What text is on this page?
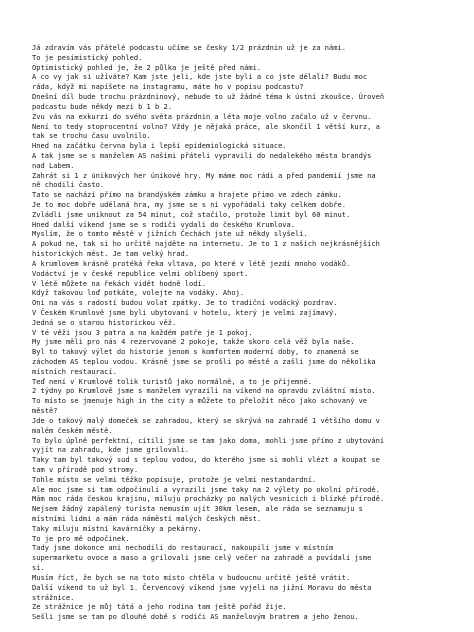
Já zdravím vás přátelé podcastu učíme se česky 1/2 prázdnin už je za námi.
To je pesimistický pohled.
Optimistický pohled je, že 2 půlka je ještě před námi.
A co vy jak si užíváte? Kam jste jeli, kde jste byli a co jste dělali? Budu moc
ráda, když mi napíšete na instagramu, máte ho v popisu podcastu?
Dnešní díl bude trochu prázdninový, nebude to už žádné téma k ústní zkoušce. Úroveň
podcastu bude někdy mezi b 1 b 2.
Zvu vás na exkurzi do svého světa prázdnin a léta moje volno začalo už v červnu.
Není to tedy stoprocentní volno? Vždy je nějaká práce, ale skončil 1 větší kurz, a
tak se trochu času uvolnilo.
Hned na začátku června byla i lepší epidemiologická situace.
A tak jsme se s manželem AS našimi přáteli vypravili do nedalekého města brandýs
nad Labem.
Zahrát si 1 z únikových her únikové hry. My máme moc rádi a před pandemií jsme na
ně chodili často.
Tato se nachází přímo na brandýském zámku a hrajete přímo ve zdech zámku.
Je to moc dobře udělaná hra, my jsme se s ní vypořádali taky celkem dobře.
Zvládli jsme uniknout za 54 minut, což stačilo, protože limit byl 60 minut.
Hned další víkend jsme se s rodiči vydali do českého Krumlova.
Myslím, že o tomto městě v jižních Čechách jste už někdy slyšeli.
A pokud ne, tak si ho určitě najděte na internetu. Je to 1 z našich nejkrásnějších
historických měst. Je tam velký hrad.
A krumlovem krásně protéká řeka vltava, po které v létě jezdí mnoho vodáků.
Vodáctví je v české republice velmi oblíbený sport.
V létě můžete na řekách vidět hodně lodí.
Když takovou loď potkáte, volejte na vodáky. Ahoj.
Oni na vás s radostí budou volat zpátky. Je to tradiční vodácký pozdrav.
V Českém Krumlově jsme byli ubytovaní v hotelu, který je velmi zajímavý.
Jedná se o starou historickou věž.
V té věži jsou 3 patra a na každém patře je 1 pokoj.
My jsme měli pro nás 4 rezervované 2 pokoje, takže skoro celá věž byla naše.
Byl to takový výlet do historie jenom s komfortem moderní doby, to znamená se
záchodem AS teplou vodou. Krásně jsme se prošli po městě a zašli jsme do několika
místních restaurací.
Teď není v Krumlově tolik turistů jako normálně, a to je příjemné.
2 týdny po Krumlově jsme s manželem vyrazili na víkend na opravdu zvláštní místo.
To místo se jmenuje high in the city a můžete to přeložit něco jako schovaný ve
městě?
Jde o takový malý domeček se zahradou, který se skrývá na zahradě 1 většího domu v
malém českém městě.
To bylo úplně perfektní, cítili jsme se tam jako doma, mohli jsme přímo z ubytování
vyjít na zahradu, kde jsme grilovali.
Taky tam byl takový sud s teplou vodou, do kterého jsme si mohli vlézt a koupat se
tam v přírodě pod stromy.
Tohle místo se velmi těžko popisuje, protože je velmi nestandardní.
Ale moc jsme si tam odpočinuli a vyrazili jsme taky na 2 výlety po okolní přírodě.
Mám moc ráda českou krajinu, miluju procházky po malých vesnicích i blízké přírodě.
Nejsem žádný zapálený turista nemusím ujít 30km lesem, ale ráda se seznamuju s
místními lidmi a mám ráda náměstí malých českých měst.
Taky miluju místní kavárničky a pekárny.
To je pro mě odpočinek.
Tady jsme dokonce ani nechodili do restaurací, nakoupili jsme v místním
supermarketu ovoce a maso a grilovali jsme celý večer na zahradě a povídali jsme
si.
Musím říct, že bych se na toto místo chtěla v budoucnu určitě ještě vrátit.
Další víkend to už byl 1. Červencový víkend jsme vyjeli na jižní Moravu do města
strážnice.
Ze strážnice je můj tátá a jeho rodina tam ještě pořád žije.
Sešli jsme se tam po dlouhé době s rodiči AS manželovým bratrem a jeho ženou.
